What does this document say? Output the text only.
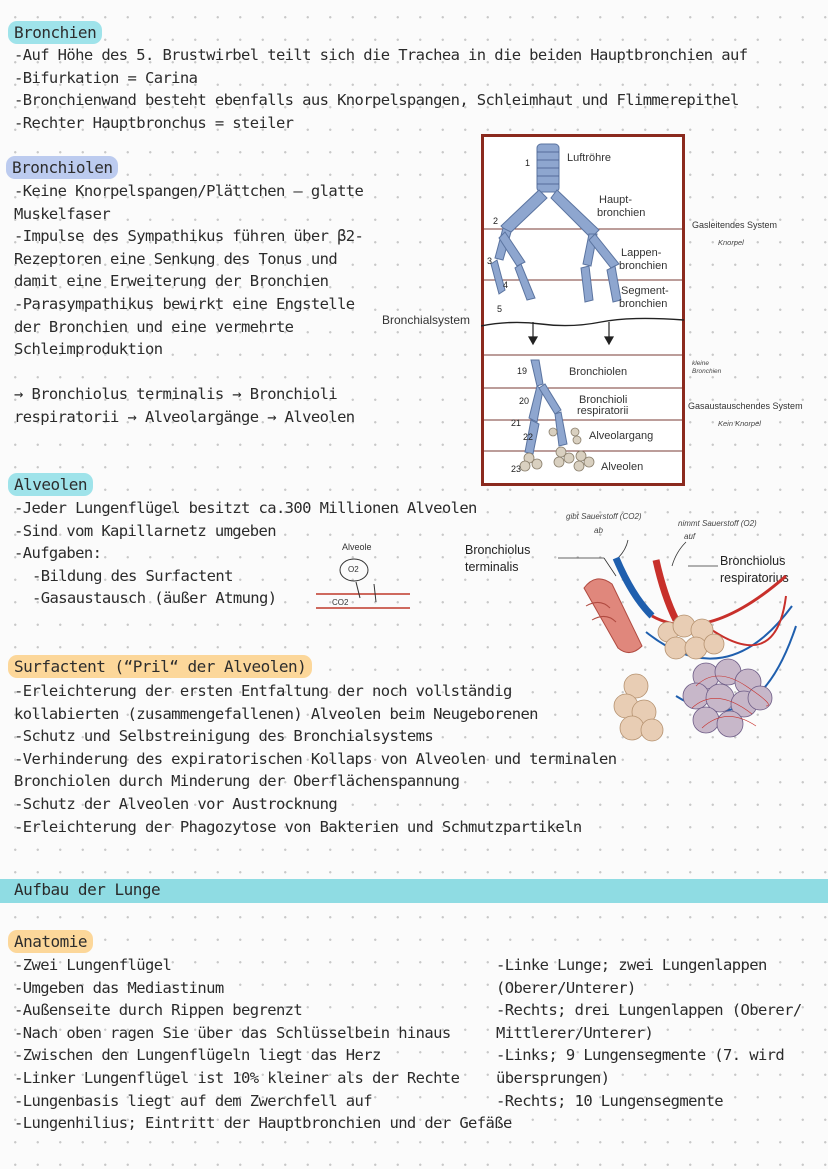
Bronchien
-Auf Höhe des 5. Brustwirbel teilt sich die Trachea in die beiden Hauptbronchien auf
-Bifurkation = Carina
-Bronchienwand besteht ebenfalls aus Knorpelspangen, Schleimhaut und Flimmerepithel
-Rechter Hauptbronchus = steiler
Bronchiolen
-Keine Knorpelspangen/Plättchen – glatte
Muskelfaser
-Impulse des Sympathikus führen über β2-
Rezeptoren eine Senkung des Tonus und
damit eine Erweiterung der Bronchien
-Parasympathikus bewirkt eine Engstelle
der Bronchien und eine vermehrte
Schleimproduktion
→ Bronchiolus terminalis → Bronchioli
respiratorii → Alveolargänge → Alveolen
Bronchialsystem
1
2
3
4
5
19
20
21
22
23
Luftröhre
Haupt-
bronchien
Lappen-
bronchien
Segment-
bronchien
Bronchiolen
Bronchioli
respiratorii
Alveolargang
Alveolen
Gasleitendes System
Knorpel
kleine
Bronchien
Gasaustauschendes System
Kein Knorpel
Alveolen
-Jeder Lungenflügel besitzt ca.300 Millionen Alveolen
-Sind vom Kapillarnetz umgeben
-Aufgaben:
-Bildung des Surfactent
-Gasaustausch (äußer Atmung)
Alveole
O2
CO2
gibt Sauerstoff (CO2)
ab
nimmt Sauerstoff (O2)
auf
Bronchiolus
terminalis	Bronchiolus
respiratorius
Surfactent (“Pril“ der Alveolen)
-Erleichterung der ersten Entfaltung der noch vollständig
kollabierten (zusammengefallenen) Alveolen beim Neugeborenen
-Schutz und Selbstreinigung des Bronchialsystems
-Verhinderung des expiratorischen Kollaps von Alveolen und terminalen
Bronchiolen durch Minderung der Oberflächenspannung
-Schutz der Alveolen vor Austrocknung
-Erleichterung der Phagozytose von Bakterien und Schmutzpartikeln
Aufbau der Lunge
Anatomie
-Zwei Lungenflügel
-Umgeben das Mediastinum
-Außenseite durch Rippen begrenzt
-Nach oben ragen Sie über das Schlüsselbein hinaus
-Zwischen den Lungenflügeln liegt das Herz
-Linker Lungenflügel ist 10% kleiner als der Rechte
-Lungenbasis liegt auf dem Zwerchfell auf
-Lungenhilius; Eintritt der Hauptbronchien und der Gefäße
-Linke Lunge; zwei Lungenlappen
(Oberer/Unterer)
-Rechts; drei Lungenlappen (Oberer/
Mittlerer/Unterer)
-Links; 9 Lungensegmente (7. wird
übersprungen)
-Rechts; 10 Lungensegmente
